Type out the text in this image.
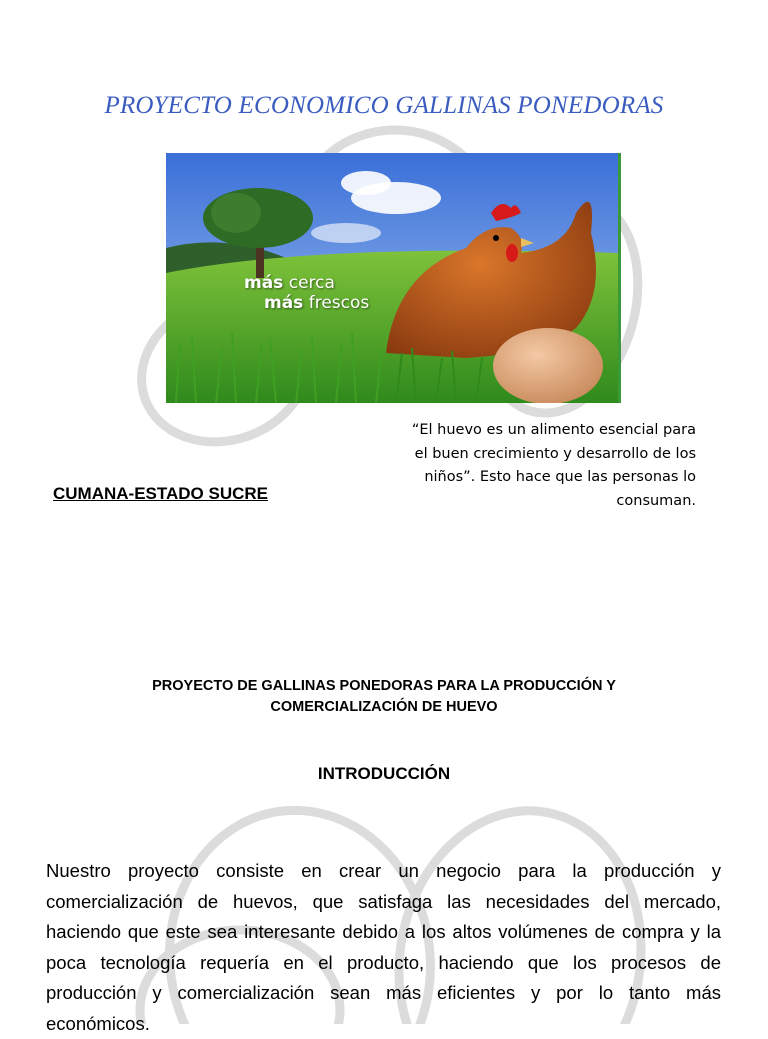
PROYECTO ECONOMICO GALLINAS PONEDORAS
más cerca
más frescos
“El huevo es un alimento esencial para el buen crecimiento y desarrollo de los niños”. Esto hace que las personas lo consuman.
CUMANA-ESTADO SUCRE
PROYECTO DE GALLINAS PONEDORAS PARA LA PRODUCCIÓN Y
COMERCIALIZACIÓN DE HUEVO
INTRODUCCIÓN
Nuestro proyecto consiste en crear un negocio para la producción y comercialización de huevos, que satisfaga las necesidades del mercado, haciendo que este sea interesante debido a los altos volúmenes de compra y la poca tecnología requería en el producto, haciendo que los procesos de producción y comercialización sean más eficientes y por lo tanto más económicos.
